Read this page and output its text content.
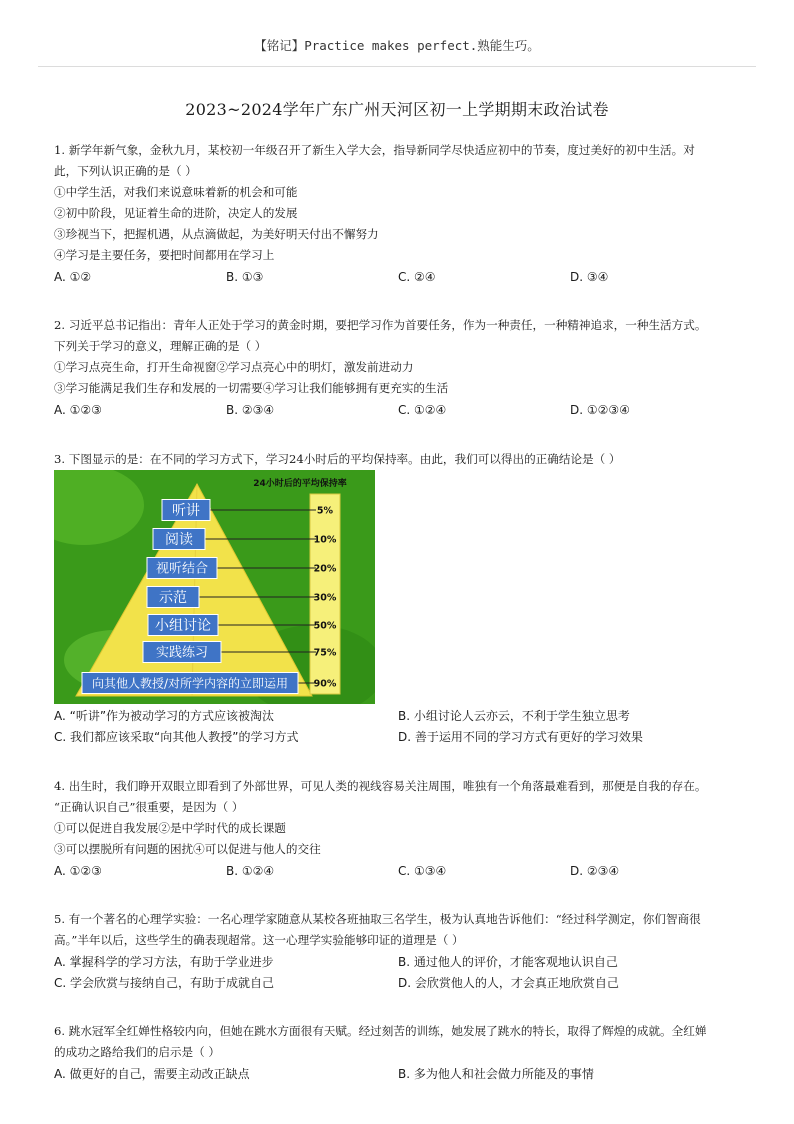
【铭记】Practice makes perfect.熟能生巧。
2023~2024学年广东广州天河区初一上学期期末政治试卷
1. 新学年新气象，金秋九月，某校初一年级召开了新生入学大会，指导新同学尽快适应初中的节奏，度过美好的初中生活。对
此，下列认识正确的是（ ）
①中学生活，对我们来说意味着新的机会和可能
②初中阶段，见证着生命的进阶，决定人的发展
③珍视当下，把握机遇，从点滴做起，为美好明天付出不懈努力
④学习是主要任务，要把时间都用在学习上
A. ①②	B. ①③	C. ②④	D. ③④
2. 习近平总书记指出：青年人正处于学习的黄金时期，要把学习作为首要任务，作为一种责任，一种精神追求，一种生活方式。
下列关于学习的意义，理解正确的是（ ）
①学习点亮生命，打开生命视窗②学习点亮心中的明灯，激发前进动力
③学习能满足我们生存和发展的一切需要④学习让我们能够拥有更充实的生活
A. ①②③	B. ②③④	C. ①②④	D. ①②③④
3. 下图显示的是：在不同的学习方式下，学习24小时后的平均保持率。由此，我们可以得出的正确结论是（ ）
24小时后的平均保持率
听讲	5%
阅读	10%
视听结合	20%
示范	30%
小组讨论	50%
实践练习	75%
向其他人教授/对所学内容的立即运用	90%
A. “听讲”作为被动学习的方式应该被淘汰	B. 小组讨论人云亦云，不利于学生独立思考
C. 我们都应该采取“向其他人教授”的学习方式	D. 善于运用不同的学习方式有更好的学习效果
4. 出生时，我们睁开双眼立即看到了外部世界，可见人类的视线容易关注周围，唯独有一个角落最难看到，那便是自我的存在。
“正确认识自己”很重要，是因为（ ）
①可以促进自我发展②是中学时代的成长课题
③可以摆脱所有问题的困扰④可以促进与他人的交往
A. ①②③	B. ①②④	C. ①③④	D. ②③④
5. 有一个著名的心理学实验：一名心理学家随意从某校各班抽取三名学生，极为认真地告诉他们：“经过科学测定，你们智商很
高。”半年以后，这些学生的确表现超常。这一心理学实验能够印证的道理是（ ）
A. 掌握科学的学习方法，有助于学业进步	B. 通过他人的评价，才能客观地认识自己
C. 学会欣赏与接纳自己，有助于成就自己	D. 会欣赏他人的人，才会真正地欣赏自己
6. 跳水冠军全红婵性格较内向，但她在跳水方面很有天赋。经过刻苦的训练，她发展了跳水的特长，取得了辉煌的成就。全红婵
的成功之路给我们的启示是（ ）
A. 做更好的自己，需要主动改正缺点	B. 多为他人和社会做力所能及的事情
